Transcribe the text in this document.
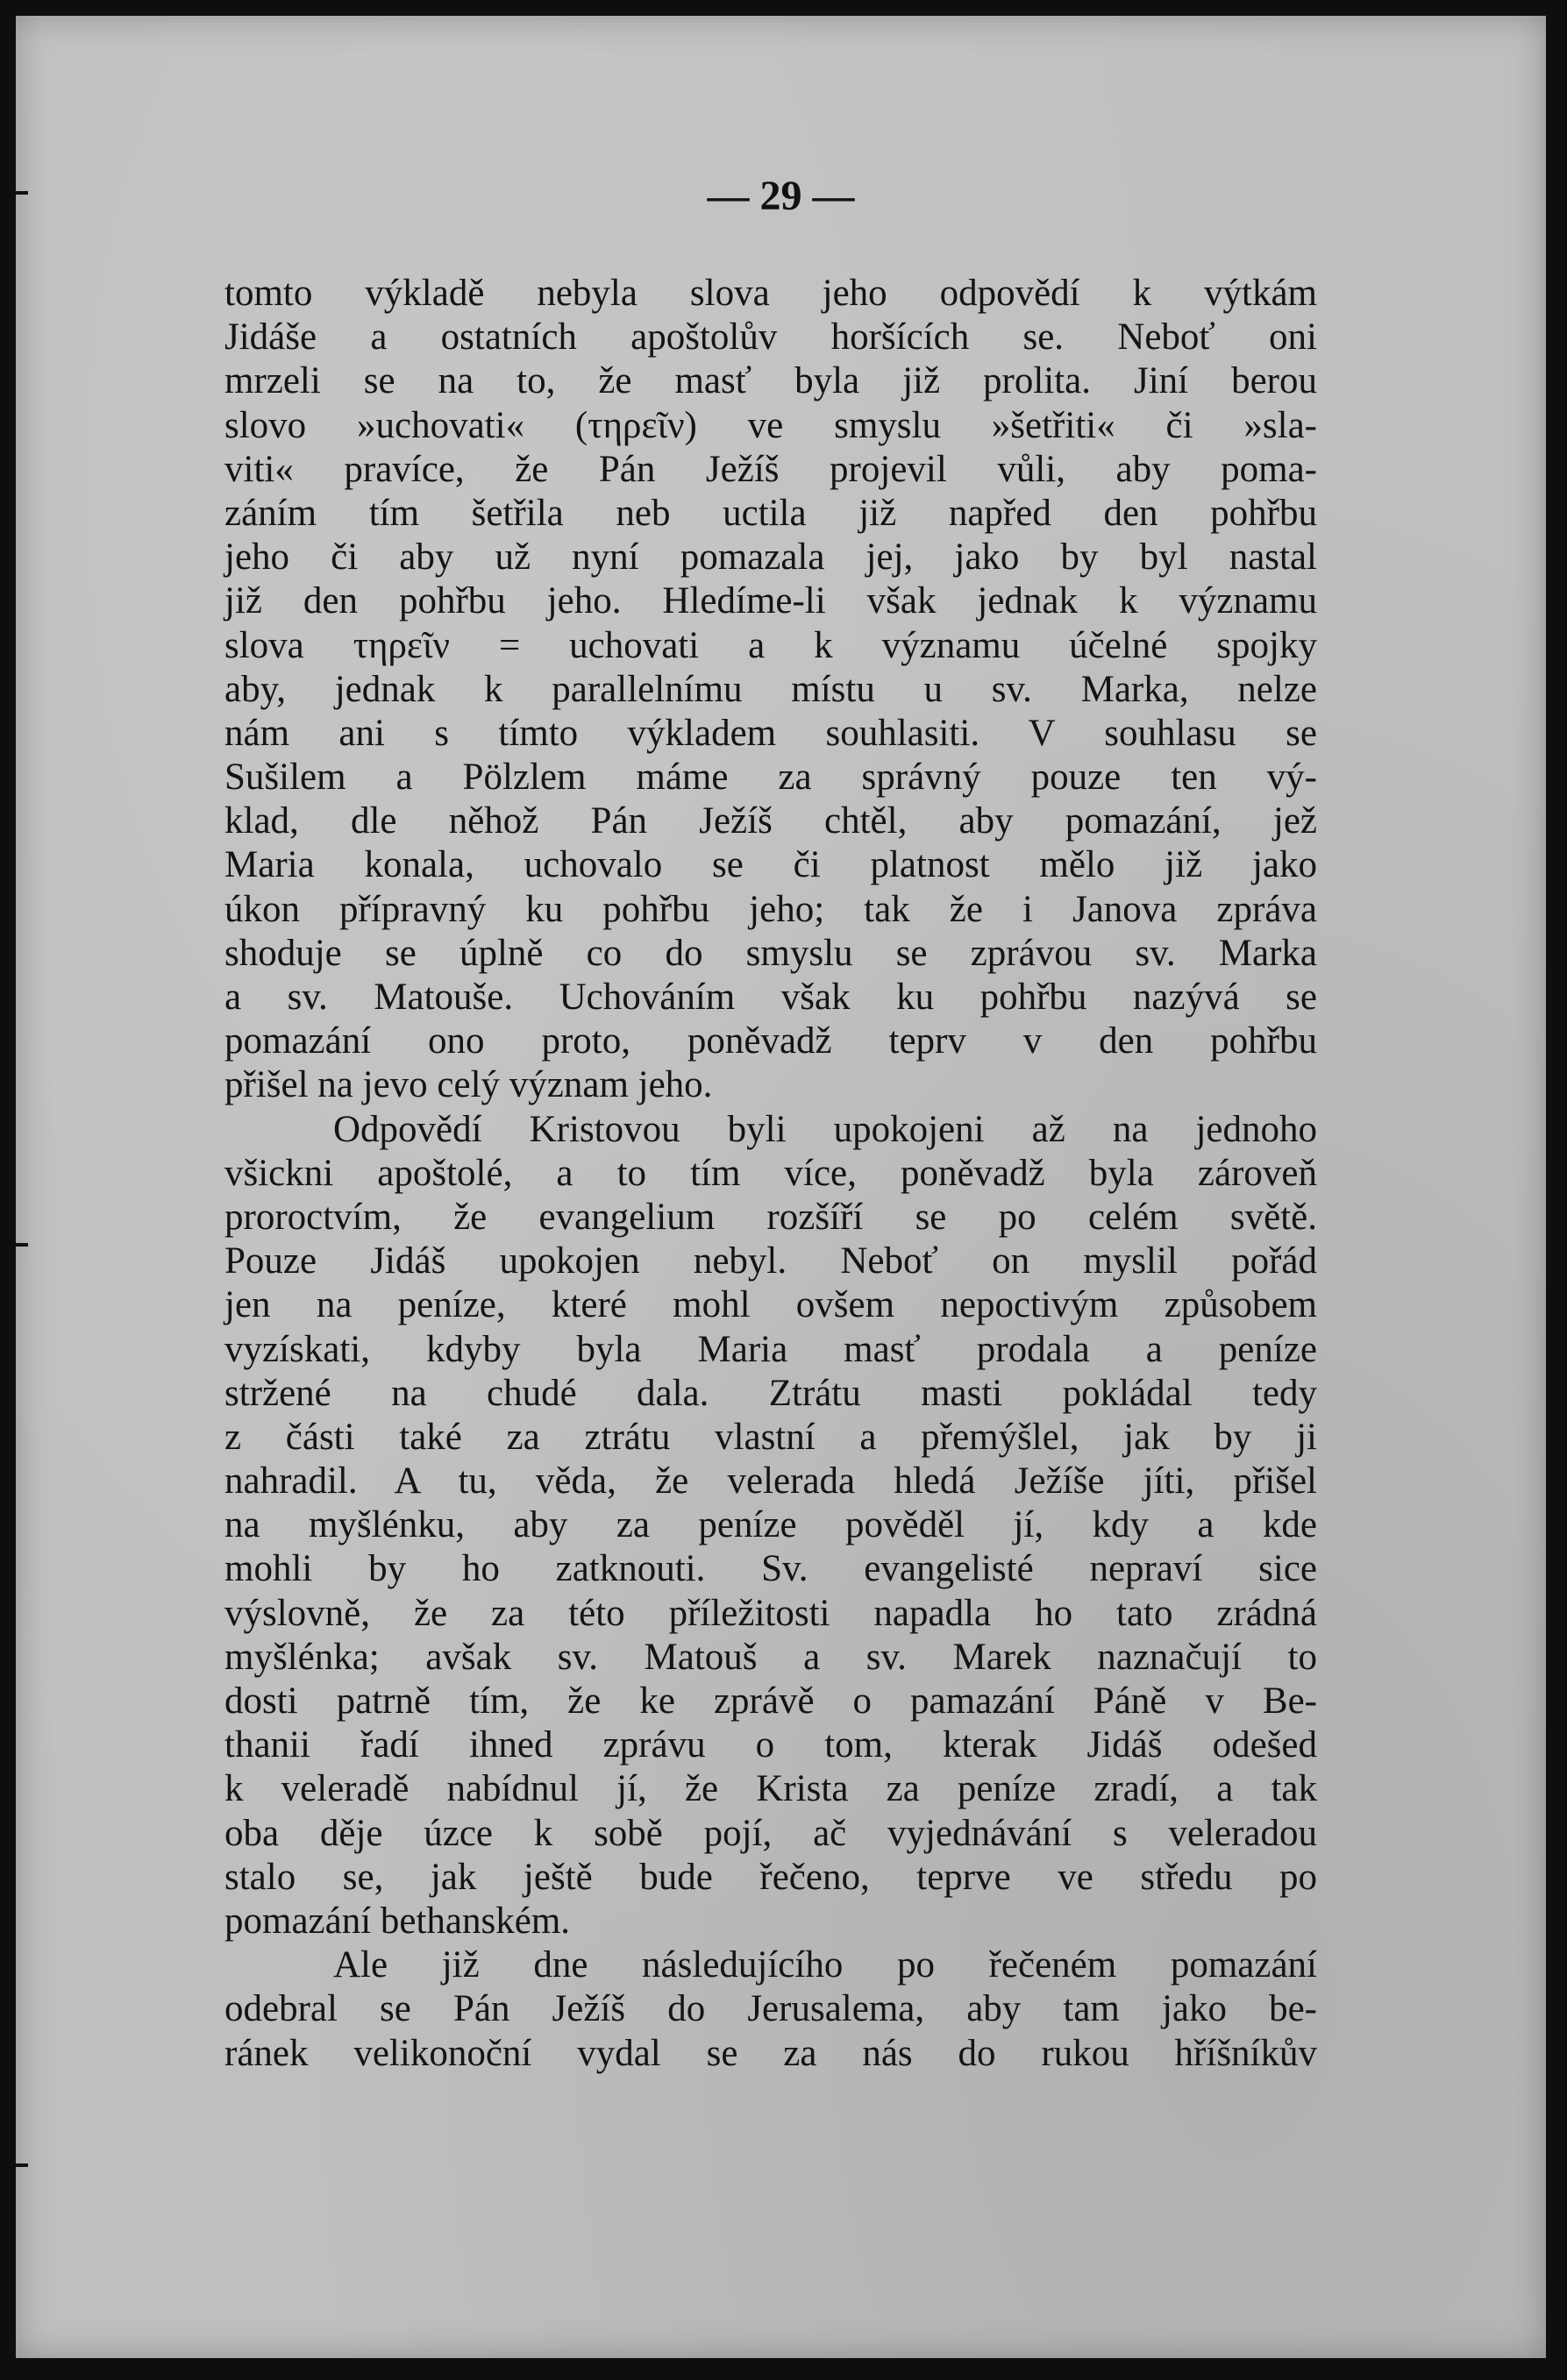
— 29 —
tomto výkladě nebyla slova jeho odpovědí k výtkám
Jidáše a ostatních apoštolův horšících se. Neboť oni
mrzeli se na to, že masť byla již prolita. Jiní berou
slovo »uchovati« (τηρεῖν) ve smyslu »šetřiti« či »sla-
viti« pravíce, že Pán Ježíš projevil vůli, aby poma-
záním tím šetřila neb uctila již napřed den pohřbu
jeho či aby už nyní pomazala jej, jako by byl nastal
již den pohřbu jeho. Hledíme-li však jednak k významu
slova τηρεῖν = uchovati a k významu účelné spojky
aby, jednak k parallelnímu místu u sv. Marka, nelze
nám ani s tímto výkladem souhlasiti. V souhlasu se
Sušilem a Pölzlem máme za správný pouze ten vý-
klad, dle něhož Pán Ježíš chtěl, aby pomazání, jež
Maria konala, uchovalo se či platnost mělo již jako
úkon přípravný ku pohřbu jeho; tak že i Janova zpráva
shoduje se úplně co do smyslu se zprávou sv. Marka
a sv. Matouše. Uchováním však ku pohřbu nazývá se
pomazání ono proto, poněvadž teprv v den pohřbu
přišel na jevo celý význam jeho.
Odpovědí Kristovou byli upokojeni až na jednoho
všickni apoštolé, a to tím více, poněvadž byla zároveň
proroctvím, že evangelium rozšíří se po celém světě.
Pouze Jidáš upokojen nebyl. Neboť on myslil pořád
jen na peníze, které mohl ovšem nepoctivým způsobem
vyzískati, kdyby byla Maria masť prodala a peníze
stržené na chudé dala. Ztrátu masti pokládal tedy
z části také za ztrátu vlastní a přemýšlel, jak by ji
nahradil. A tu, věda, že velerada hledá Ježíše jíti, přišel
na myšlénku, aby za peníze pověděl jí, kdy a kde
mohli by ho zatknouti. Sv. evangelisté nepraví sice
výslovně, že za této příležitosti napadla ho tato zrádná
myšlénka; avšak sv. Matouš a sv. Marek naznačují to
dosti patrně tím, že ke zprávě o pamazání Páně v Be-
thanii řadí ihned zprávu o tom, kterak Jidáš odešed
k veleradě nabídnul jí, že Krista za peníze zradí, a tak
oba děje úzce k sobě pojí, ač vyjednávání s veleradou
stalo se, jak ještě bude řečeno, teprve ve středu po
pomazání bethanském.
Ale již dne následujícího po řečeném pomazání
odebral se Pán Ježíš do Jerusalema, aby tam jako be-
ránek velikonoční vydal se za nás do rukou hříšníkův
